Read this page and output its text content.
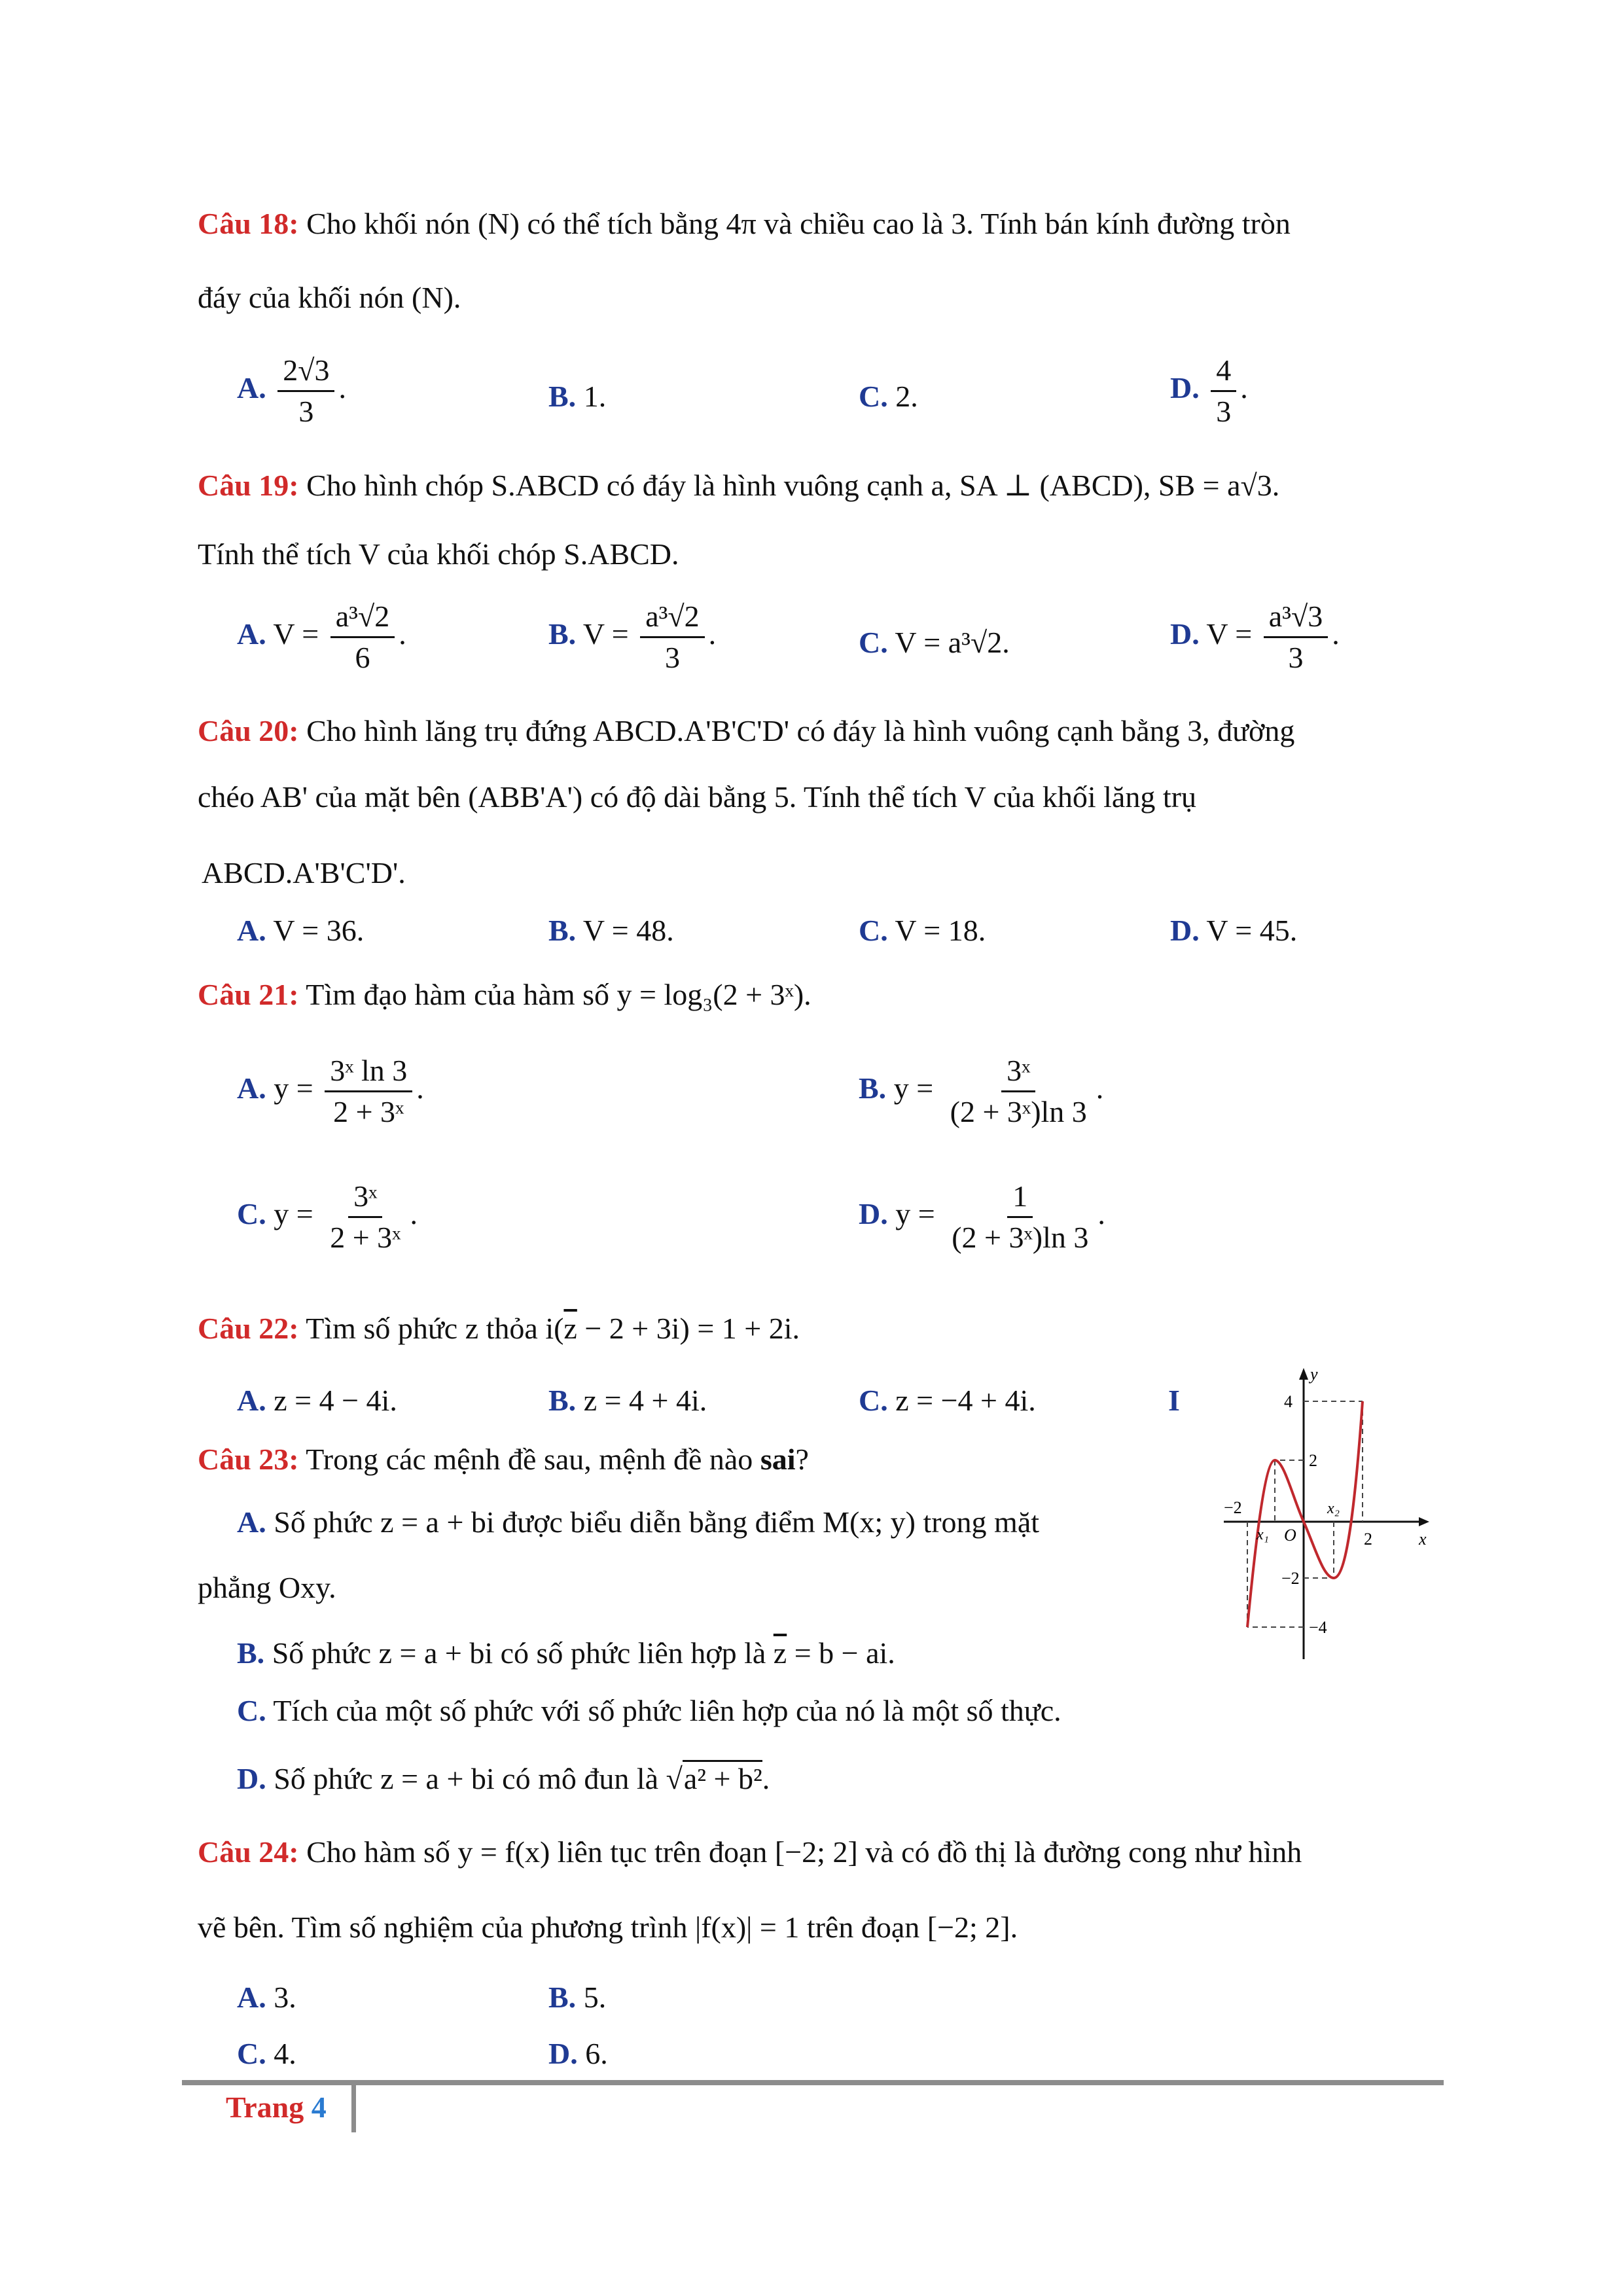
Câu 18: Cho khối nón (N) có thể tích bằng 4π và chiều cao là 3. Tính bán kính đường tròn
đáy của khối nón (N).
A. $\frac{2√3}{3}$ .	B. 1.	C. 2.	D. $\frac{4}{3}$ .
Câu 19: Cho hình chóp S.ABCD có đáy là hình vuông cạnh a, SA ⊥ (ABCD), SB = a√3.
Tính thể tích V của khối chóp S.ABCD.
A. $V = \frac{\text{a³√2}}{6}$ .	B. $V = \frac{\text{a³√2}}{3}$ .	C. V = a³√2.	D. $V = \frac{\text{a³√3}}{3}$ .
Câu 20: Cho hình lăng trụ đứng ABCD.A'B'C'D' có đáy là hình vuông cạnh bằng 3, đường
chéo AB' của mặt bên (ABB'A') có độ dài bằng 5. Tính thể tích V của khối lăng trụ
ABCD.A'B'C'D'.
A. V = 36.	B. V = 48.	C. V = 18.	D. V = 45.
Câu 21: Tìm đạo hàm của hàm số y = log₃(2 + 3ˣ).
A. $y = \frac{\text{3ˣ ln 3}}{\text{2 + 3ˣ}}$ .	B. $y = \frac{\text{3ˣ}}{\text{(2 + 3ˣ)ln 3}}$ .
C. $y = \frac{\text{3ˣ}}{\text{2 + 3ˣ}}$ .	D. $y = \frac{1}{\text{(2 + 3ˣ)ln 3}}$ .
Câu 22: Tìm số phức z thỏa $i(\overline{z} - 2 + 3i) = 1 + 2i$.
A. z = 4 − 4i.	B. z = 4 + 4i.	C. z = −4 + 4i.	I
Câu 23: Trong các mệnh đề sau, mệnh đề nào sai?
A. Số phức z = a + bi được biểu diễn bằng điểm M(x; y) trong mặt
phẳng Oxy.
B. Số phức z = a + bi có số phức liên hợp là $\overline{z} = b$ − ai.
C. Tích của một số phức với số phức liên hợp của nó là một số thực.
D. Số phức z = a + bi có mô đun là √a² + b².
Câu 24: Cho hàm số y = f(x) liên tục trên đoạn [−2; 2] và có đồ thị là đường cong như hình
vẽ bên. Tìm số nghiệm của phương trình |f(x)| = 1 trên đoạn [−2; 2].
A. 3.	B. 5.
C. 4.	D. 6.
y
x
4
2
−2
−4
−2
2
x₁
x₂
O
Trang 4
